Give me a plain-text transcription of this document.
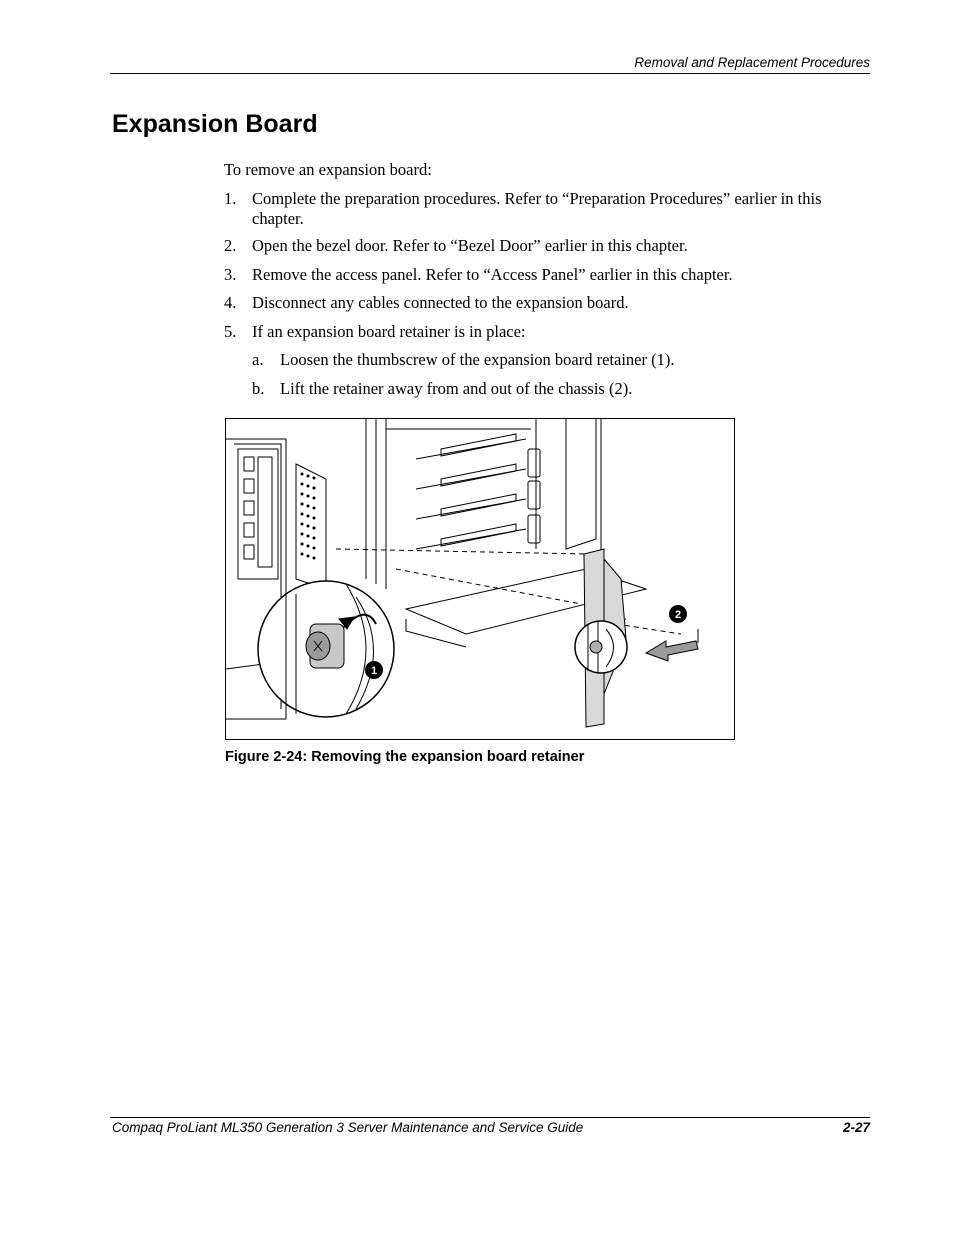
Removal and Replacement Procedures
Expansion Board
To remove an expansion board:
1. Complete the preparation procedures. Refer to “Preparation Procedures” earlier in this chapter.
2. Open the bezel door. Refer to “Bezel Door” earlier in this chapter.
3. Remove the access panel. Refer to “Access Panel” earlier in this chapter.
4. Disconnect any cables connected to the expansion board.
5. If an expansion board retainer is in place:
a. Loosen the thumbscrew of the expansion board retainer (1).
b. Lift the retainer away from and out of the chassis (2).
1
2
Figure 2-24: Removing the expansion board retainer
Compaq ProLiant ML350 Generation 3 Server Maintenance and Service Guide	2-27
